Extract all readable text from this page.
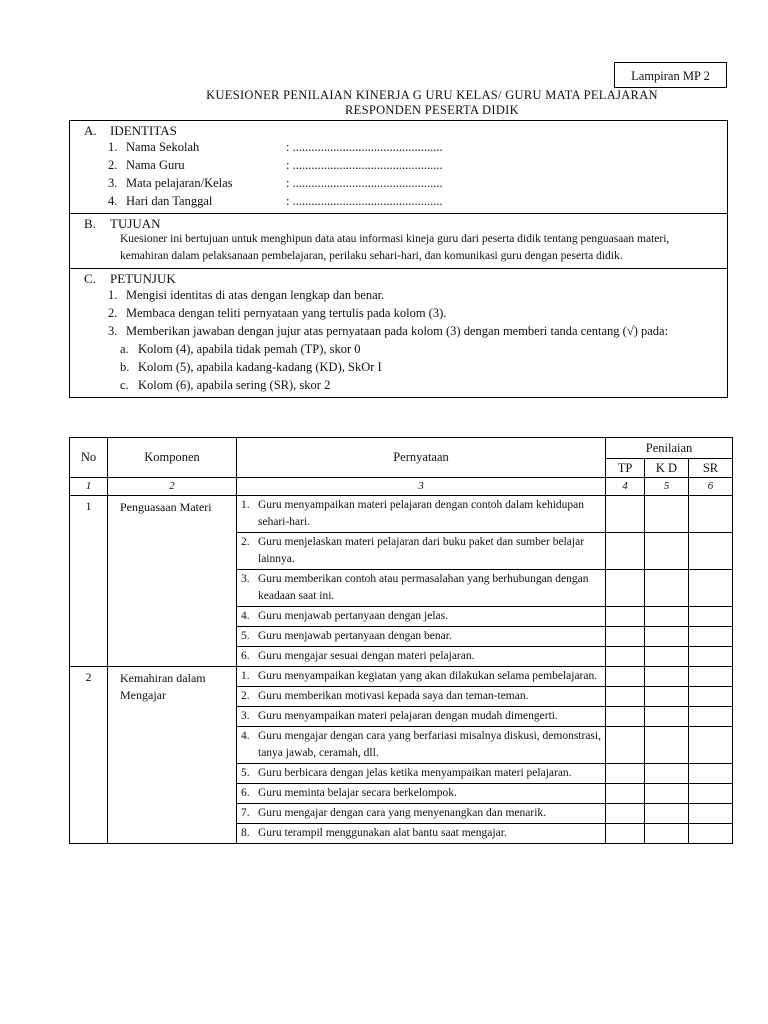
Lampiran MP 2
KUESIONER PENILAIAN KINERJA G URU KELAS/ GURU MATA PELAJARAN
RESPONDEN PESERTA DIDIK
A.	IDENTITAS
1. Nama Sekolah	: ................................................
2. Nama Guru	: ................................................
3. Mata pelajaran/Kelas	: ................................................
4. Hari dan Tanggal	: ................................................
B.	TUJUAN
Kuesioner ini bertujuan untuk menghipun data atau informasi kineja guru dari peserta didik tentang penguasaan materi, kemahiran dalam pelaksanaan pembelajaran, perilaku sehari-hari, dan komunikasi guru dengan peserta didik.
C.	PETUNJUK
1. Mengisi identitas di atas dengan lengkap dan benar.
2. Membaca dengan teliti pernyataan yang tertulis pada kolom (3).
3. Memberikan jawaban dengan jujur atas pernyataan pada kolom (3) dengan memberi tanda centang (√) pada:
a. Kolom (4), apabila tidak pemah (TP), skor 0
b. Kolom (5), apabila kadang-kadang (KD), SkOr I
c. Kolom (6), apabila sering (SR), skor 2
No	Komponen	Pernyataan	Penilaian		
			TP	K D	SR
1	2	3	4	5	6
1	Penguasaan Materi	1. Guru menyampaikan materi pelajaran dengan contoh dalam kehidupan sehari-hari.			

		2. Guru menjelaskan materi pelajaran dari buku paket dan sumber belajar lainnya.			

		3. Guru memberikan contoh atau permasalahan yang berhubungan dengan keadaan saat ini.			

		4. Guru menjawab pertanyaan dengan jelas.			

		5. Guru menjawab pertanyaan dengan benar.			

		6. Guru mengajar sesuai dengan materi pelajaran.			

2	Kemahiran dalam Mengajar	1. Guru menyampaikan kegiatan yang akan dilakukan selama pembelajaran.			

		2. Guru memberikan motivasi kepada saya dan teman-teman.			

		3. Guru menyampaikan materi pelajaran dengan mudah dimengerti.			

		4. Guru mengajar dengan cara yang berfariasi misalnya diskusi, demonstrasi, tanya jawab, ceramah, dll.			

		5. Guru berbicara dengan jelas ketika menyampaikan materi pelajaran.			

		6. Guru meminta belajar secara berkelompok.			

		7. Guru mengajar dengan cara yang menyenangkan dan menarik.			

		8. Guru terampil menggunakan alat bantu saat mengajar.			
